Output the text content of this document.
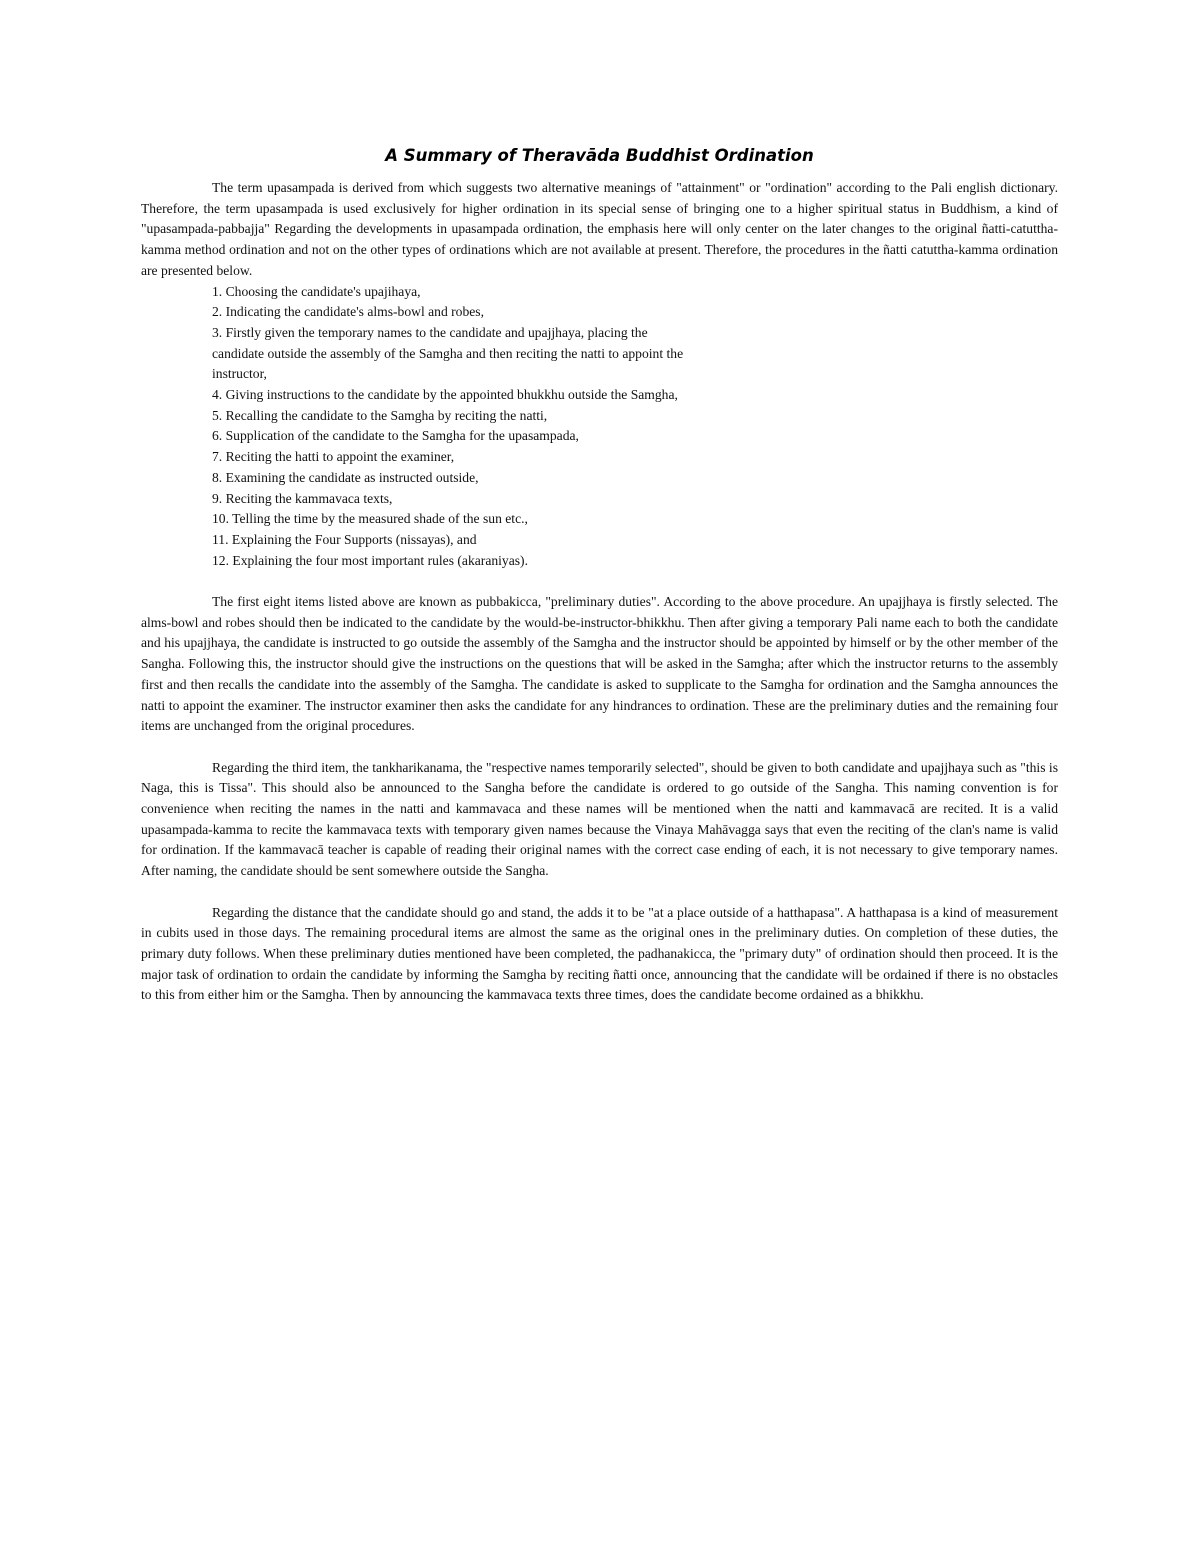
A Summary of Theravāda Buddhist Ordination

The term upasampada is derived from which suggests two alternative meanings of "attainment" or "ordination" according to the Pali english dictionary. Therefore, the term upasampada is used exclusively for higher ordination in its special sense of bringing one to a higher spiritual status in Buddhism, a kind of "upasampada-pabbajja" Regarding the developments in upasampada ordination, the emphasis here will only center on the later changes to the original ñatti-catuttha-kamma method ordination and not on the other types of ordinations which are not available at present. Therefore, the procedures in the ñatti catuttha-kamma ordination are presented below.

1. Choosing the candidate's upajihaya,
2. Indicating the candidate's alms-bowl and robes,
3. Firstly given the temporary names to the candidate and upajjhaya, placing the candidate outside the assembly of the Samgha and then reciting the natti to appoint the instructor,
4. Giving instructions to the candidate by the appointed bhukkhu outside the Samgha,
5. Recalling the candidate to the Samgha by reciting the natti,
6. Supplication of the candidate to the Samgha for the upasampada,
7. Reciting the hatti to appoint the examiner,
8. Examining the candidate as instructed outside,
9. Reciting the kammavaca texts,
10. Telling the time by the measured shade of the sun etc.,
11. Explaining the Four Supports (nissayas), and
12. Explaining the four most important rules (akaraniyas).

The first eight items listed above are known as pubbakicca, "preliminary duties". According to the above procedure. An upajjhaya is firstly selected. The alms-bowl and robes should then be indicated to the candidate by the would-be-instructor-bhikkhu. Then after giving a temporary Pali name each to both the candidate and his upajjhaya, the candidate is instructed to go outside the assembly of the Samgha and the instructor should be appointed by himself or by the other member of the Sangha. Following this, the instructor should give the instructions on the questions that will be asked in the Samgha; after which the instructor returns to the assembly first and then recalls the candidate into the assembly of the Samgha. The candidate is asked to supplicate to the Samgha for ordination and the Samgha announces the natti to appoint the examiner. The instructor examiner then asks the candidate for any hindrances to ordination. These are the preliminary duties and the remaining four items are unchanged from the original procedures.

Regarding the third item, the tankharikanama, the "respective names temporarily selected", should be given to both candidate and upajjhaya such as "this is Naga, this is Tissa". This should also be announced to the Sangha before the candidate is ordered to go outside of the Sangha. This naming convention is for convenience when reciting the names in the natti and kammavaca and these names will be mentioned when the natti and kammavacā are recited. It is a valid upasampada-kamma to recite the kammavaca texts with temporary given names because the Vinaya Mahāvagga says that even the reciting of the clan's name is valid for ordination. If the kammavacā teacher is capable of reading their original names with the correct case ending of each, it is not necessary to give temporary names. After naming, the candidate should be sent somewhere outside the Sangha.

Regarding the distance that the candidate should go and stand, the adds it to be "at a place outside of a hatthapasa". A hatthapasa is a kind of measurement in cubits used in those days. The remaining procedural items are almost the same as the original ones in the preliminary duties. On completion of these duties, the primary duty follows. When these preliminary duties mentioned have been completed, the padhanakicca, the "primary duty" of ordination should then proceed. It is the major task of ordination to ordain the candidate by informing the Samgha by reciting ñatti once, announcing that the candidate will be ordained if there is no obstacles to this from either him or the Samgha. Then by announcing the kammavaca texts three times, does the candidate become ordained as a bhikkhu.
